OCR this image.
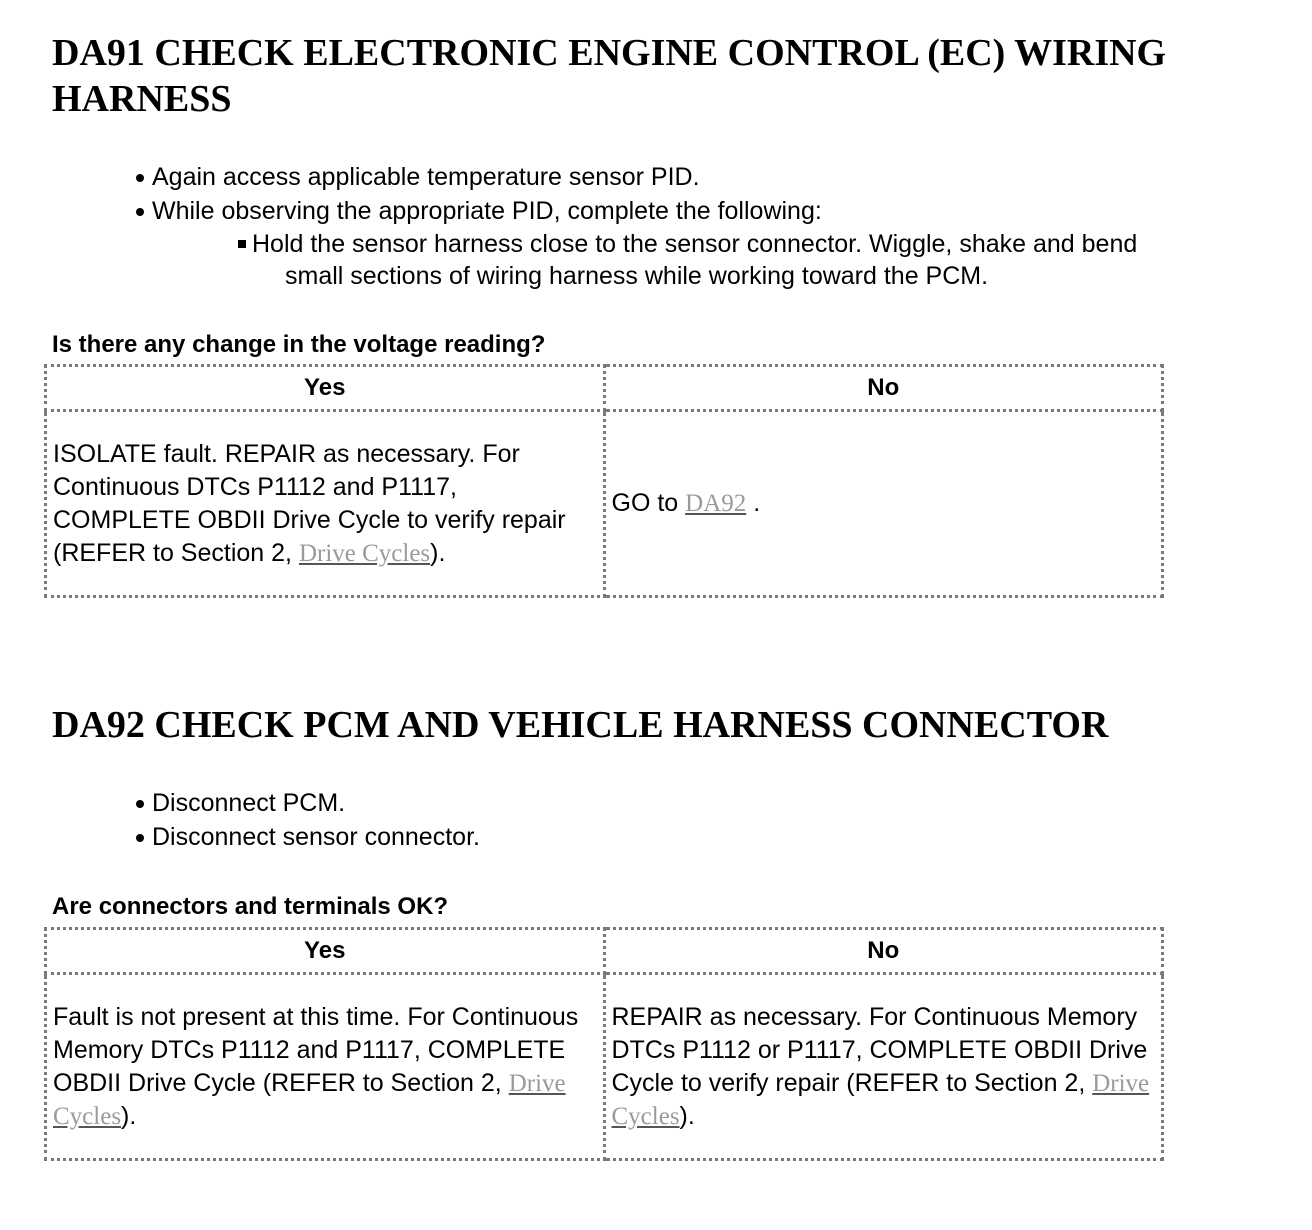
DA91 CHECK ELECTRONIC ENGINE CONTROL (EC) WIRING
HARNESS
Again access applicable temperature sensor PID.
While observing the appropriate PID, complete the following:
Hold the sensor harness close to the sensor connector. Wiggle, shake and bend
small sections of wiring harness while working toward the PCM.

Is there any change in the voltage reading?

Yes	No
ISOLATE fault. REPAIR as necessary. For Continuous DTCs P1112 and P1117, COMPLETE OBDII Drive Cycle to verify repair (REFER to Section 2, Drive Cycles).	GO to DA92 .
DA92 CHECK PCM AND VEHICLE HARNESS CONNECTOR
Disconnect PCM.
Disconnect sensor connector.

Are connectors and terminals OK?

Yes	No
Fault is not present at this time. For Continuous Memory DTCs P1112 and P1117, COMPLETE OBDII Drive Cycle (REFER to Section 2, Drive Cycles).	REPAIR as necessary. For Continuous Memory DTCs P1112 or P1117, COMPLETE OBDII Drive Cycle to verify repair (REFER to Section 2, Drive Cycles).
